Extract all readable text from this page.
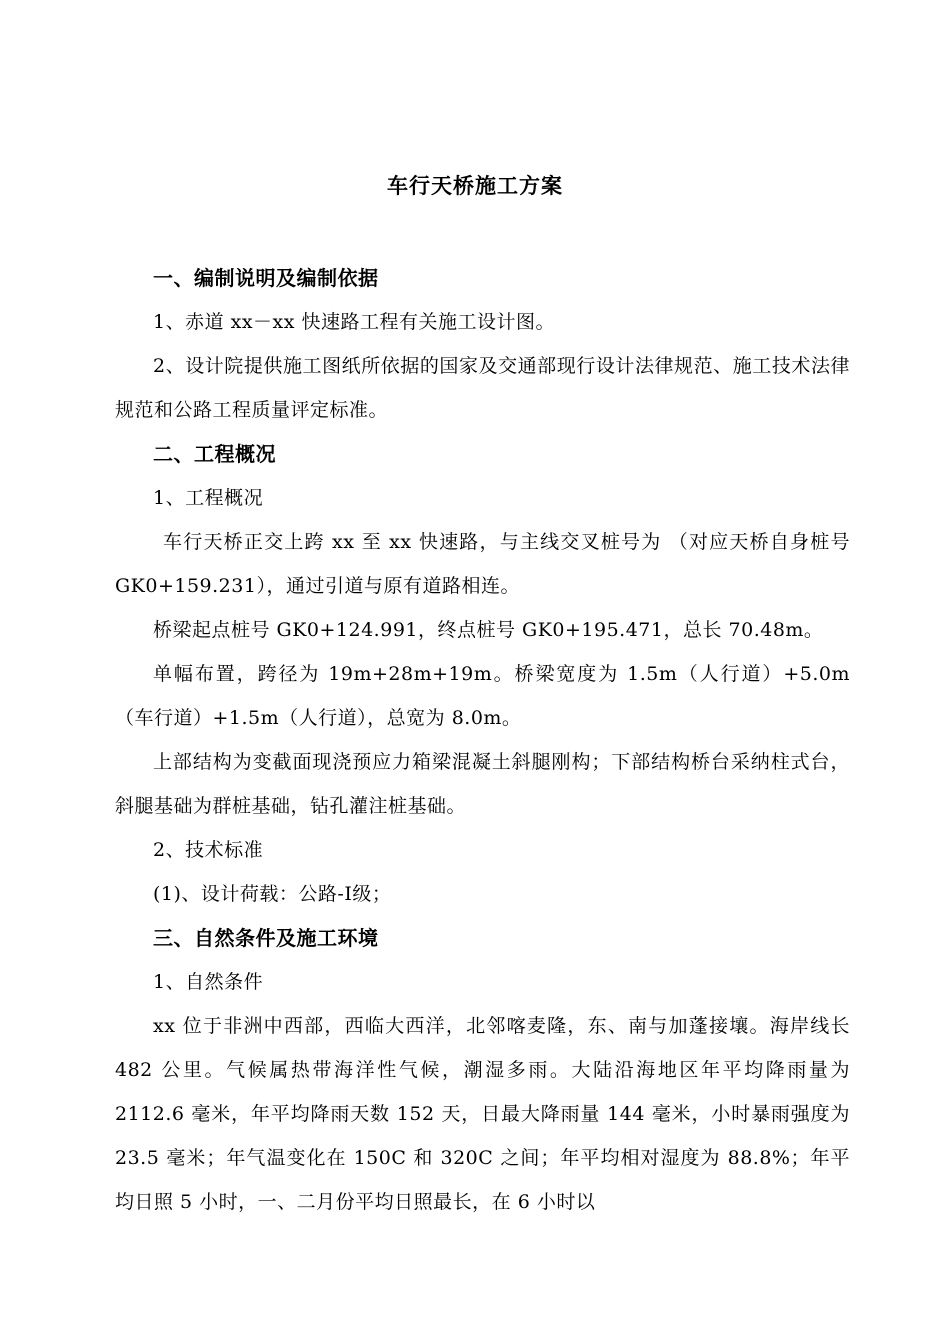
车行天桥施工方案

一、编制说明及编制依据

1、赤道 xx－xx 快速路工程有关施工设计图。

2、设计院提供施工图纸所依据的国家及交通部现行设计法律规范、施工技术法律规范和公路工程质量评定标准。

二、工程概况

1、工程概况

车行天桥正交上跨 xx 至 xx 快速路，与主线交叉桩号为 （对应天桥自身桩号 GK0+159.231），通过引道与原有道路相连。

桥梁起点桩号 GK0+124.991，终点桩号 GK0+195.471，总长 70.48m。

单幅布置，跨径为 19m+28m+19m。桥梁宽度为 1.5m（人行道）+5.0m（车行道）+1.5m（人行道），总宽为 8.0m。

上部结构为变截面现浇预应力箱梁混凝土斜腿刚构；下部结构桥台采纳柱式台，斜腿基础为群桩基础，钻孔灌注桩基础。

2、技术标准

(1)、设计荷载：公路-I级；

三、自然条件及施工环境

1、自然条件

xx 位于非洲中西部，西临大西洋，北邻喀麦隆，东、南与加蓬接壤。海岸线长 482 公里。气候属热带海洋性气候，潮湿多雨。大陆沿海地区年平均降雨量为 2112.6 毫米，年平均降雨天数 152 天，日最大降雨量 144 毫米，小时暴雨强度为 23.5 毫米；年气温变化在 150C 和 320C 之间；年平均相对湿度为 88.8%；年平均日照 5 小时，一、二月份平均日照最长，在 6 小时以
